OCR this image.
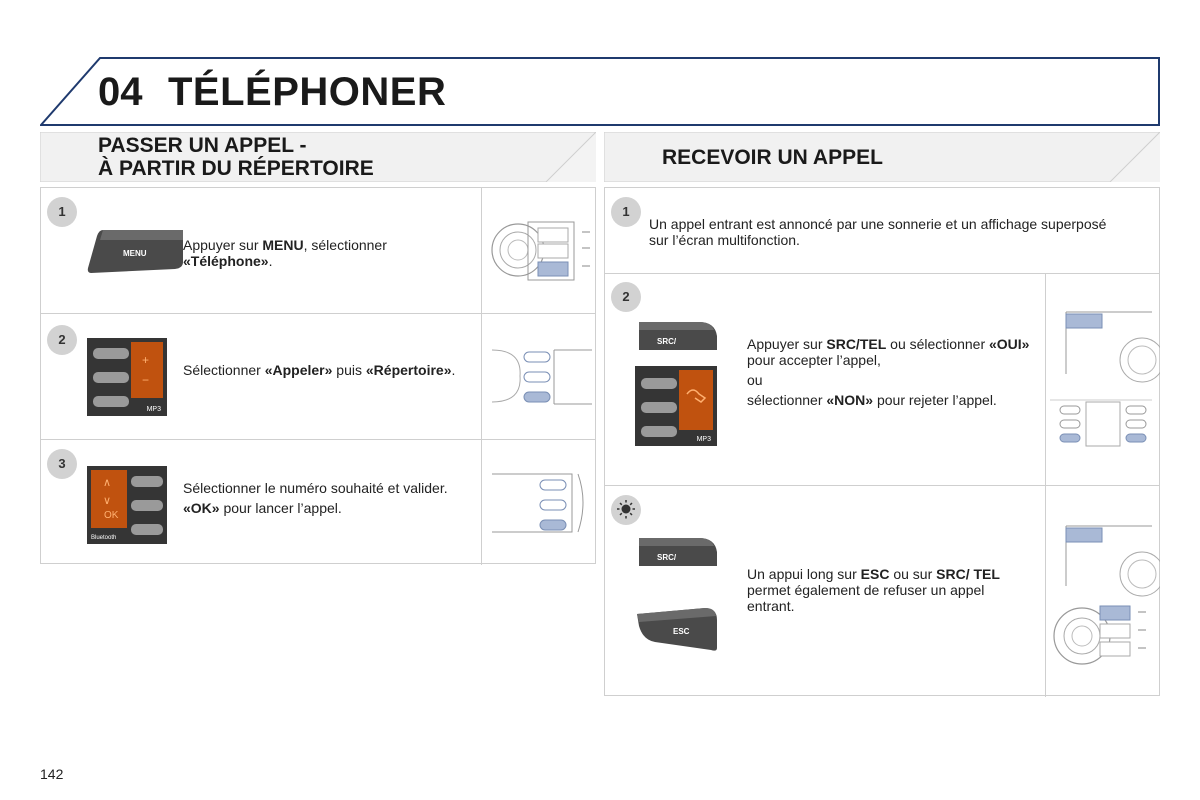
04 TÉLÉPHONER
PASSER UN APPEL -
À PARTIR DU RÉPERTOIRE	RECEVOIR UN APPEL
1
MENU
Appuyer sur MENU, sélectionner «Téléphone».
2
+
−
MP3
Sélectionner «Appeler» puis «Répertoire».
3
∧
∨
OK
Bluetooth

Sélectionner le numéro souhaité et valider.

«OK» pour lancer l’appel.

1
Un appel entrant est annoncé par une sonnerie et un affichage superposé sur l’écran multifonction.
2
SRC/
MP3

Appuyer sur SRC/TEL ou sélectionner «OUI» pour accepter l’appel,

ou

sélectionner «NON» pour rejeter l’appel.

SRC/
ESC
Un appui long sur ESC ou sur SRC/ TEL permet également de refuser un appel entrant.
142
